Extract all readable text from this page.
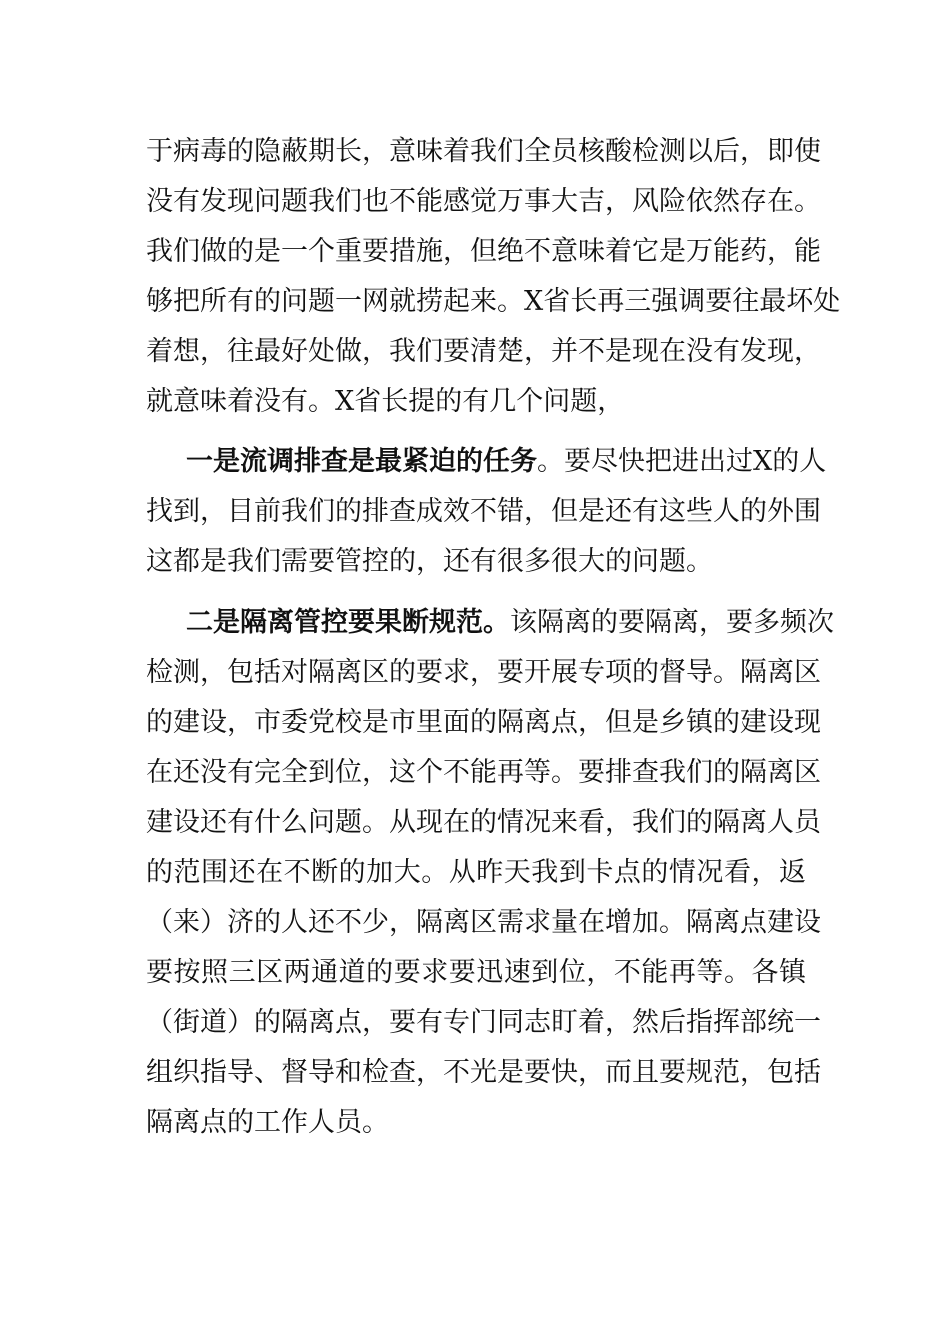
于病毒的隐蔽期长，意味着我们全员核酸检测以后，即使
没有发现问题我们也不能感觉万事大吉，风险依然存在。
我们做的是一个重要措施，但绝不意味着它是万能药，能
够把所有的问题一网就捞起来。X省长再三强调要往最坏处
着想，往最好处做，我们要清楚，并不是现在没有发现，
就意味着没有。X省长提的有几个问题，
一是流调排查是最紧迫的任务。要尽快把进出过X的人
找到，目前我们的排查成效不错，但是还有这些人的外围
这都是我们需要管控的，还有很多很大的问题。
二是隔离管控要果断规范。该隔离的要隔离，要多频次
检测，包括对隔离区的要求，要开展专项的督导。隔离区
的建设，市委党校是市里面的隔离点，但是乡镇的建设现
在还没有完全到位，这个不能再等。要排查我们的隔离区
建设还有什么问题。从现在的情况来看，我们的隔离人员
的范围还在不断的加大。从昨天我到卡点的情况看，返
（来）济的人还不少，隔离区需求量在增加。隔离点建设
要按照三区两通道的要求要迅速到位，不能再等。各镇
（街道）的隔离点，要有专门同志盯着，然后指挥部统一
组织指导、督导和检查，不光是要快，而且要规范，包括
隔离点的工作人员。
